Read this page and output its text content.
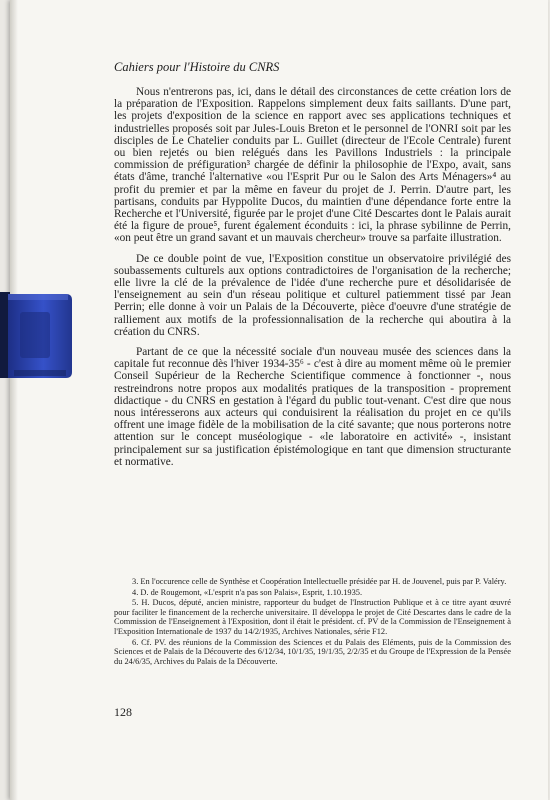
Cahiers pour l'Histoire du CNRS

Nous n'entrerons pas, ici, dans le détail des circonstances de cette création lors de la préparation de l'Exposition. Rappelons simplement deux faits saillants. D'une part, les projets d'exposition de la science en rapport avec ses applications techniques et industrielles proposés soit par Jules-Louis Breton et le personnel de l'ONRI soit par les disciples de Le Chatelier conduits par L. Guillet (directeur de l'Ecole Centrale) furent ou bien rejetés ou bien relégués dans les Pavillons Industriels : la principale commission de préfiguration³ chargée de définir la philosophie de l'Expo, avait, sans états d'âme, tranché l'alternative «ou l'Esprit Pur ou le Salon des Arts Ménagers»⁴ au profit du premier et par la même en faveur du projet de J. Perrin. D'autre part, les partisans, conduits par Hyppolite Ducos, du maintien d'une dépendance forte entre la Recherche et l'Université, figurée par le projet d'une Cité Descartes dont le Palais aurait été la figure de proue⁵, furent également éconduits : ici, la phrase sybilinne de Perrin, «on peut être un grand savant et un mauvais chercheur» trouve sa parfaite illustration.

De ce double point de vue, l'Exposition constitue un observatoire privilégié des soubassements culturels aux options contradictoires de l'organisation de la recherche; elle livre la clé de la prévalence de l'idée d'une recherche pure et désolidarisée de l'enseignement au sein d'un réseau politique et culturel patiemment tissé par Jean Perrin; elle donne à voir un Palais de la Découverte, pièce d'oeuvre d'une stratégie de ralliement aux motifs de la professionnalisation de la recherche qui aboutira à la création du CNRS.

Partant de ce que la nécessité sociale d'un nouveau musée des sciences dans la capitale fut reconnue dès l'hiver 1934-35⁶ - c'est à dire au moment même où le premier Conseil Supérieur de la Recherche Scientifique commence à fonctionner -, nous restreindrons notre propos aux modalités pratiques de la transposition - proprement didactique - du CNRS en gestation à l'égard du public tout-venant. C'est dire que nous nous intéresserons aux acteurs qui conduisirent la réalisation du projet en ce qu'ils offrent une image fidèle de la mobilisation de la cité savante; que nous porterons notre attention sur le concept muséologique - «le laboratoire en activité» -, insistant principalement sur sa justification épistémologique en tant que dimension structurante et normative.

3. En l'occurence celle de Synthèse et Coopération Intellectuelle présidée par H. de Jouvenel, puis par P. Valéry.

4. D. de Rougemont, «L'esprit n'a pas son Palais», Esprit, 1.10.1935.

5. H. Ducos, député, ancien ministre, rapporteur du budget de l'Instruction Publique et à ce titre ayant œuvré pour faciliter le financement de la recherche universitaire. Il développa le projet de Cité Descartes dans le cadre de la Commission de l'Enseignement à l'Exposition, dont il était le président. cf. PV de la Commission de l'Enseignement à l'Exposition Internationale de 1937 du 14/2/1935, Archives Nationales, série F12.

6. Cf. PV. des réunions de la Commission des Sciences et du Palais des Eléments, puis de la Commission des Sciences et de Palais de la Découverte des 6/12/34, 10/1/35, 19/1/35, 2/2/35 et du Groupe de l'Expression de la Pensée du 24/6/35, Archives du Palais de la Découverte.

128
